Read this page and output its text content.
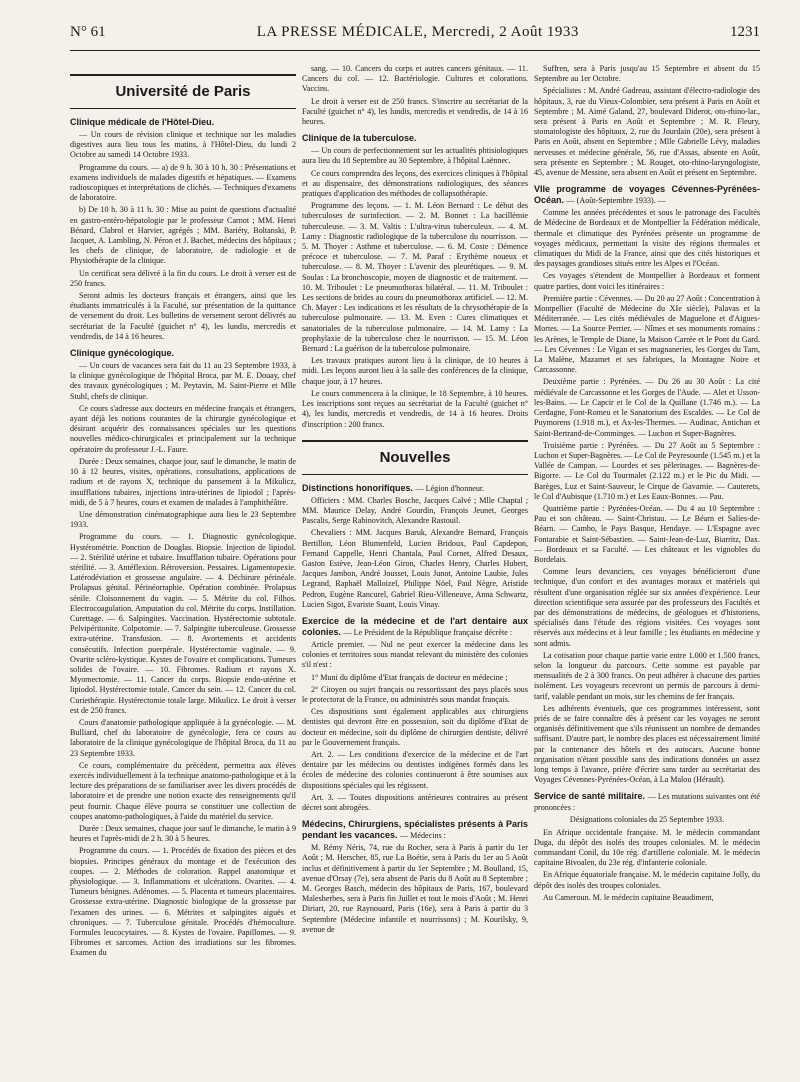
N° 61	LA PRESSE MÉDICALE, Mercredi, 2 Août 1933	1231
Université de Paris
Clinique médicale de l'Hôtel-Dieu.

— Un cours de révision clinique et technique sur les maladies digestives aura lieu tous les matins, à l'Hôtel-Dieu, du lundi 2 Octobre au samedi 14 Octobre 1933.

Programme du cours. — a) de 9 h. 30 à 10 h. 30 : Présentations et examens individuels de malades digestifs et hépatiques. — Examens radioscopiques et interprétations de clichés. — Techniques d'examens de laboratoire.

b) De 10 h. 30 à 11 h. 30 : Mise au point de questions d'actualité en gastro-entéro-hépatologie par le professeur Carnot ; MM. Henri Bénard, Clabrol et Harvier, agrégés ; MM. Bariéty, Boltanski, P. Jacquet, A. Lambling, N. Péron et J. Bachet, médecins des hôpitaux ; les chefs de clinique, de laboratoire, de radiologie et de Physiothérapie de la clinique.

Un certificat sera délivré à la fin du cours. Le droit à verser est de 250 francs.

Seront admis les docteurs français et étrangers, ainsi que les étudiants immatriculés à la Faculté, sur présentation de la quittance de versement du droit. Les bulletins de versement seront délivrés au secrétariat de la Faculté (guichet n° 4), les lundis, mercredis et vendredis, de 14 à 16 heures.

Clinique gynécologique.

— Un cours de vacances sera fait du 11 au 23 Septembre 1933, à la clinique gynécologique de l'hôpital Broca, par M. E. Douay, chef des travaux gynécologiques ; M. Peytavin, M. Saint-Pierre et Mlle Stuhl, chefs de clinique.

Ce cours s'adresse aux docteurs en médecine français et étrangers, ayant déjà les notions courantes de la chirurgie gynécologique et désirant acquérir des connaissances spéciales sur les questions nouvelles médico-chirurgicales et principalement sur la technique opératoire du professeur J.-L. Faure.

Durée : Deux semaines, chaque jour, sauf le dimanche, le matin de 10 à 12 heures, visites, opérations, consultations, applications de radium et de rayons X, technique du pansement à la Mikulicz, insufflations tubaires, injections intra-utérines de lipiodol ; l'après-midi, de 5 à 7 heures, cours et examen de malades à l'amphithéâtre.

Une démonstration cinématographique aura lieu le 23 Septembre 1933.

Programme du cours. — 1. Diagnostic gynécologique. Hystérométrie. Ponction de Douglas. Biopsie. Injection de lipiodol. — 2. Stérilité utérine et tubaire. Insufflation tubaire. Opérations pour stérilité. — 3. Antéflexion. Rétroversion. Pessaires. Ligamentopexie. Latérodéviation et grossesse angulaire. — 4. Déchirure périnéale. Prolapsus génital. Périnéorraphie. Opération combinée. Prolapsus sénile. Cloisonnement du vagin. — 5. Métrite du col. Filhos. Electrocoagulation. Amputation du col. Métrite du corps. Instillation. Curettage. — 6. Salpingites. Vaccination. Hystérectomie subtotale. Pelvipéritonite. Colpotomie. — 7. Salpingite tuberculeuse. Grossesse extra-utérine. Transfusion. — 8. Avortements et accidents consécutifs. Infection puerpérale. Hystérectomie vaginale. — 9. Ovarite scléro-kystique. Kystes de l'ovaire et complications. Tumeurs solides de l'ovaire. — 10. Fibromes. Radium et rayons X. Myomectomie. — 11. Cancer du corps. Biopsie endo-utérine et lipiodol. Hystérectomie totale. Cancer du sein. — 12. Cancer du col. Curiethérapie. Hystérectomie totale large. Mikulicz. Le droit à verser est de 250 francs.

Cours d'anatomie pathologique appliquée à la gynécologie. — M. Bulliard, chef du laboratoire de gynécologie, fera ce cours au laboratoire de la clinique gynécologique de l'hôpital Broca, du 11 au 23 Septembre 1933.

Ce cours, complémentaire du précédent, permettra aux élèves exercés individuellement à la technique anatomo-pathologique et à la lecture des préparations de se familiariser avec les divers procédés de laboratoire et de prendre une notion exacte des renseignements qu'il peut fournir. Chaque élève pourra se constituer une collection de coupes anatomo-pathologiques, à l'aide du matériel du service.

Durée : Deux semaines, chaque jour sauf le dimanche, le matin à 9 heures et l'après-midi de 2 h. 30 à 5 heures.

Programme du cours. — 1. Procédés de fixation des pièces et des biopsies. Principes généraux du montage et de l'exécution des coupes. — 2. Méthodes de coloration. Rappel anatomique et physiologique. — 3. Inflammations et ulcérations. Ovarites. — 4. Tumeurs bénignes. Adénomes. — 5. Placenta et tumeurs placentaires. Grossesse extra-utérine. Diagnostic biologique de la grossesse par l'examen des urines. — 6. Métrites et salpingites aiguës et chroniques. — 7. Tuberculose génitale. Procédés d'hémoculture. Formules leucocytaires. — 8. Kystes de l'ovaire. Papillomes. — 9. Fibromes et sarcomes. Action des irradiations sur les fibromes. Examen du

sang. — 10. Cancers du corps et autres cancers génitaux. — 11. Cancers du col. — 12. Bactériologie. Cultures et colorations. Vaccins.

Le droit à verser est de 250 francs. S'inscrire au secrétariat de la Faculté (guichet n° 4), les lundis, mercredis et vendredis, de 14 à 16 heures.

Clinique de la tuberculose.

— Un cours de perfectionnement sur les actualités phtisiologiques aura lieu du 18 Septembre au 30 Septembre, à l'hôpital Laënnec.

Ce cours comprendra des leçons, des exercices cliniques à l'hôpital et au dispensaire, des démonstrations radiologiques, des séances pratiques d'application des méthodes de collapsothérapie.

Programme des leçons. — 1. M. Léon Bernard : Le début des tuberculoses de surinfection. — 2. M. Bonnet : La bacillémie tuberculeuse. — 3. M. Valtis : L'ultra-virus tuberculeux. — 4. M. Lamy : Diagnostic radiologique de la tuberculose du nourrisson. — 5. M. Thoyer : Asthme et tuberculose. — 6. M. Coste : Démence précoce et tuberculose. — 7. M. Paraf : Erythème noueux et tuberculose. — 8. M. Thoyer : L'avenir des pleurétiques. — 9. M. Soulas : La bronchoscopie, moyen de diagnostic et de traitement. — 10. M. Triboulet : Le pneumothorax bilatéral. — 11. M. Triboulet : Les sections de brides au cours du pneumothorax artificiel. — 12. M. Ch. Mayer : Les indications et les résultats de la chrysothérapie de la tuberculose pulmonaire. — 13. M. Even : Cures climatiques et sanatoriales de la tuberculose pulmonaire. — 14. M. Lamy : La prophylaxie de la tuberculose chez le nourrisson. — 15. M. Léon Bernard : La guérison de la tuberculose pulmonaire.

Les travaux pratiques auront lieu à la clinique, de 10 heures à midi. Les leçons auront lieu à la salle des conférences de la clinique, chaque jour, à 17 heures.

Le cours commencera à la clinique, le 18 Septembre, à 10 heures. Les inscriptions sont reçues au secrétariat de la Faculté (guichet n° 4), les lundis, mercredis et vendredis, de 14 à 16 heures. Droits d'inscription : 200 francs.

Nouvelles
Distinctions honorifiques. — Légion d'honneur.

Officiers : MM. Charles Bosche, Jacques Calvé ; Mlle Chaptal ; MM. Maurice Delay, André Gourdin, François Jeunet, Georges Pascalis, Serge Rabinovitch, Alexandre Rastouil.

Chevaliers : MM. Jacques Baruk, Alexandre Bernard, François Bertillon, Léon Blumenfeld, Lucien Bridoux, Paul Capdepon, Fernand Cappelle, Henri Chantala, Paul Cornet, Alfred Desaux, Gaston Estève, Jean-Léon Giron, Charles Henry, Charles Hubert, Jacques Jambon, André Jousset, Louis Junot, Antoine Laubie, Jules Legrand, Raphaël Malloizel, Philippe Nöel, Paul Nègre, Aristide Pedron, Eugène Rancurel, Gabriel Rieu-Villeneuve, Anna Schwartz, Lucien Sigot, Evariste Suant, Louis Vinay.

Exercice de la médecine et de l'art dentaire aux colonies. — Le Président de la République française décrète :

Article premier. — Nul ne peut exercer la médecine dans les colonies et territoires sous mandat relevant du ministère des colonies s'il n'est :

1° Muni du diplôme d'Etat français de docteur en médecine ;

2° Citoyen ou sujet français ou ressortissant des pays placés sous le protectorat de la France, ou administrés sous mandat français.

Ces dispositions sont également applicables aux chirurgiens dentistes qui devront être en possession, soit du diplôme d'Etat de docteur en médecine, soit du diplôme de chirurgien dentiste, délivré par le Gouvernement français.

Art. 2. — Les conditions d'exercice de la médecine et de l'art dentaire par les médecins ou dentistes indigènes formés dans les écoles de médecine des colonies continueront à être soumises aux dispositions spéciales qui les régissent.

Art. 3. — Toutes dispositions antérieures contraires au présent décret sont abrogées.

Médecins, Chirurgiens, spécialistes présents à Paris pendant les vacances. — Médecins :

M. Rémy Néris, 74, rue du Rocher, sera à Paris à partir du 1er Août ; M. Herscher, 85, rue La Boétie, sera à Paris du 1er au 5 Août inclus et définitivement à partir du 1er Septembre ; M. Boulland, 15, avenue d'Orsay (7e), sera absent de Paris du 8 Août au 8 Septembre ; M. Georges Basch, médecin des hôpitaux de Paris, 167, boulevard Malesherbes, sera à Paris fin Juillet et tout le mois d'Août ; M. Henri Diriart, 20, rue Raynouard, Paris (16e), sera à Paris à partir du 3 Septembre (Médecine infantile et nourrissons) ; M. Kourilsky, 9, avenue de

Suffren, sera à Paris jusqu'au 15 Septembre et absent du 15 Septembre au 1er Octobre.

Spécialistes : M. André Gadreau, assistant d'électro-radiologie des hôpitaux, 3, rue du Vieux-Colombier, sera présent à Paris en Août et Septembre ; M. Aimé Galand, 27, boulevard Diderot, oto-rhino-lar., sera présent à Paris en Août et Septembre ; M. R. Fleury, stomatologiste des hôpitaux, 2, rue du Jourdain (20e), sera présent à Paris en Août, absent en Septembre ; Mlle Gabrielle Lévy, maladies nerveuses et médecine générale, 56, rue d'Assas, absente en Août, sera présente en Septembre ; M. Rouget, oto-rhino-laryngologiste, 45, avenue de Messine, sera absent en Août et présent en Septembre.

VIIe programme de voyages Cévennes-Pyrénées-Océan. — (Août-Septembre 1933). —

Comme les années précédentes et sous le patronage des Facultés de Médecine de Bordeaux et de Montpellier la Fédération médicale, thermale et climatique des Pyrénées présente un programme de voyages médicaux, permettant la visite des régions thermales et climatiques du Midi de la France, ainsi que des cités historiques et des paysages grandioses situés entre les Alpes et l'Océan.

Ces voyages s'étendent de Montpellier à Bordeaux et forment quatre parties, dont voici les itinéraires :

Première partie : Cévennes. — Du 20 au 27 Août : Concentration à Montpellier (Faculté de Médecine du XIe siècle), Palavas et la Méditerranée. — Les cités médiévales de Maguelone et d'Aigues-Mortes. — La Source Perrier. — Nîmes et ses monuments romains : les Arènes, le Temple de Diane, la Maison Carrée et le Pont du Gard. — Les Cévennes : Le Vigan et ses magnaneries, les Gorges du Tarn, La Malène, Mazamet et ses fabriques, la Montagne Noire et Carcassonne.

Deuxième partie : Pyrénées. — Du 26 au 30 Août : La cité médiévale de Carcassonne et les Gorges de l'Aude. — Alet et Usson-les-Bains. — Le Capcir et le Col de la Quillane (1.746 m.). — La Cerdagne, Font-Romeu et le Sanatorium des Escaldes. — Le Col de Puymorens (1.918 m.), et Ax-les-Thermes. — Audinac, Antichan et Saint-Bertrand-de-Comminges. — Luchon et Super-Bagnères.

Troisième partie : Pyrénées. — Du 27 Août au 5 Septembre : Luchon et Super-Bagnères. — Le Col de Peyresourde (1.545 m.) et la Vallée de Campan. — Lourdes et ses pèlerinages. — Bagnères-de-Bigorre. — Le Col du Tourmalet (2.122 m.) et le Pic du Midi. — Barèges, Luz et Saint-Sauveur, le Cirque de Gavarnie. — Cauterets, le Col d'Aubisque (1.710 m.) et Les Eaux-Bonnes. — Pau.

Quatrième partie : Pyrénées-Océan. — Du 4 au 10 Septembre : Pau et son château. — Saint-Christau. — Le Béarn et Salies-de-Béarn. — Cambo, le Pays Basque, Hendaye. — L'Espagne avec Fontarabie et Saint-Sébastien. — Saint-Jean-de-Luz, Biarritz, Dax. — Bordeaux et sa Faculté. — Les châteaux et les vignobles du Bordelais.

Comme leurs devanciers, ces voyages bénéficieront d'une technique, d'un confort et des avantages moraux et matériels qui résultent d'une organisation réglée sur six années d'expérience. Leur direction scientifique sera assurée par des professeurs des Facultés et par des démonstrations de médecins, de géologues et d'historiens, spécialisés dans l'étude des régions visitées. Ces voyages sont réservés aux médecins et à leur famille ; les étudiants en médecine y sont admis.

La cotisation pour chaque partie varie entre 1.000 et 1.500 francs, selon la longueur du parcours. Cette somme est payable par mensualités de 2 à 300 francs. On peut adhérer à chacune des parties isolément. Les voyageurs recevront un permis de parcours à demi-tarif, valable pendant un mois, sur les chemins de fer français.

Les adhérents éventuels, que ces programmes intéressent, sont priés de se faire connaître dès à présent car les voyages ne seront organisés définitivement que s'ils réunissent un nombre de demandes suffisant. D'autre part, le nombre des places est nécessairement limité par la contenance des hôtels et des autocars. Aucune bonne organisation n'étant possible sans des indications données un assez long temps à l'avance, prière d'écrire sans tarder au secrétariat des Voyages Cévennes-Pyrénées-Océan, à La Malou (Hérault).

Service de santé militaire. — Les mutations suivantes ont été prononcées :

Désignations coloniales du 25 Septembre 1933.

En Afrique occidentale française. M. le médecin commandant Duga, du dépôt des isolés des troupes coloniales. M. le médecin commandant Conil, du 10e rég. d'artillerie coloniale. M. le médecin capitaine Bivoalen, du 23e rég. d'infanterie coloniale.

En Afrique équatoriale française. M. le médecin capitaine Jolly, du dépôt des isolés des troupes coloniales.

Au Cameroun. M. le médecin capitaine Beaudiment,
